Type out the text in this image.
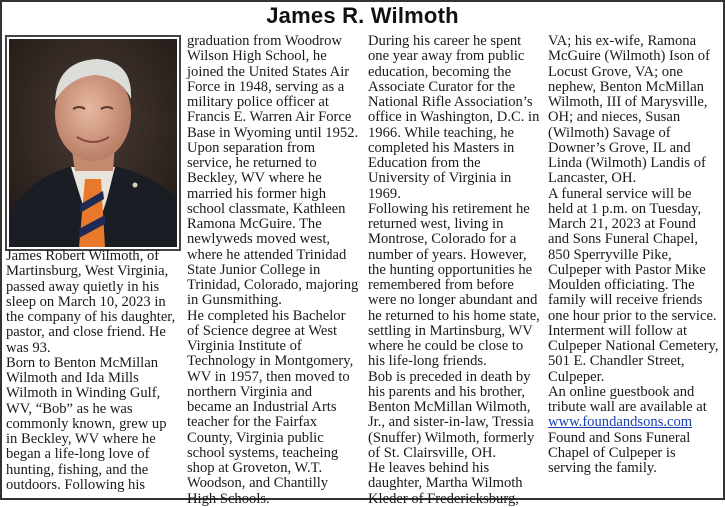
James R. Wilmoth
James Robert Wilmoth, of
Martinsburg, West Virginia,
passed away quietly in his
sleep on March 10, 2023 in
the company of his daughter,
pastor, and close friend. He
was 93.
Born to Benton McMillan
Wilmoth and Ida Mills
Wilmoth in Winding Gulf,
WV, “Bob” as he was
commonly known, grew up
in Beckley, WV where he
began a life-long love of
hunting, fishing, and the
outdoors. Following his
graduation from Woodrow
Wilson High School, he
joined the United States Air
Force in 1948, serving as a
military police officer at
Francis E. Warren Air Force
Base in Wyoming until 1952.
Upon separation from
service, he returned to
Beckley, WV where he
married his former high
school classmate, Kathleen
Ramona McGuire. The
newlyweds moved west,
where he attended Trinidad
State Junior College in
Trinidad, Colorado, majoring
in Gunsmithing.
He completed his Bachelor
of Science degree at West
Virginia Institute of
Technology in Montgomery,
WV in 1957, then moved to
northern Virginia and
became an Industrial Arts
teacher for the Fairfax
County, Virginia public
school systems, teacheing
shop at Groveton, W.T.
Woodson, and Chantilly
High Schools.
During his career he spent
one year away from public
education, becoming the
Associate Curator for the
National Rifle Association’s
office in Washington, D.C. in
1966. While teaching, he
completed his Masters in
Education from the
University of Virginia in
1969.
Following his retirement he
returned west, living in
Montrose, Colorado for a
number of years. However,
the hunting opportunities he
remembered from before
were no longer abundant and
he returned to his home state,
settling in Martinsburg, WV
where he could be close to
his life-long friends.
Bob is preceded in death by
his parents and his brother,
Benton McMillan Wilmoth,
Jr., and sister-in-law, Tressia
(Snuffer) Wilmoth, formerly
of St. Clairsville, OH.
He leaves behind his
daughter, Martha Wilmoth
Kleder of Fredericksburg,
VA; his ex-wife, Ramona
McGuire (Wilmoth) Ison of
Locust Grove, VA; one
nephew, Benton McMillan
Wilmoth, III of Marysville,
OH; and nieces, Susan
(Wilmoth) Savage of
Downer’s Grove, IL and
Linda (Wilmoth) Landis of
Lancaster, OH.
A funeral service will be
held at 1 p.m. on Tuesday,
March 21, 2023 at Found
and Sons Funeral Chapel,
850 Sperryville Pike,
Culpeper with Pastor Mike
Moulden officiating. The
family will receive friends
one hour prior to the service.
Interment will follow at
Culpeper National Cemetery,
501 E. Chandler Street,
Culpeper.
An online guestbook and
tribute wall are available at
www.foundandsons.com
Found and Sons Funeral
Chapel of Culpeper is
serving the family.
